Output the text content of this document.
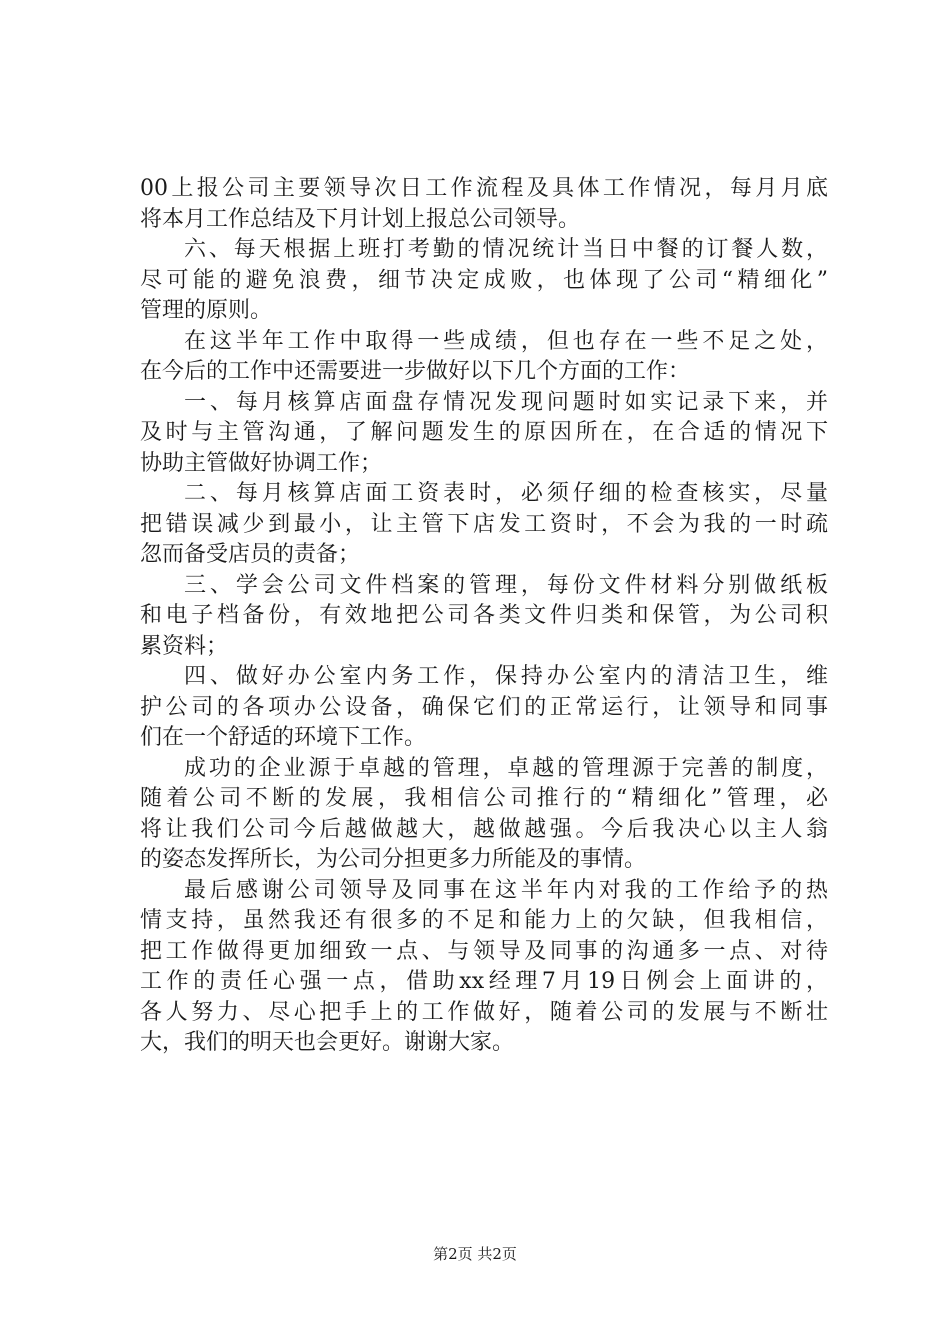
00上报公司主要领导次日工作流程及具体工作情况，每月月底
将本月工作总结及下月计划上报总公司领导。
六、每天根据上班打考勤的情况统计当日中餐的订餐人数，
尽可能的避免浪费，细节决定成败，也体现了公司“精细化”
管理的原则。
在这半年工作中取得一些成绩，但也存在一些不足之处，
在今后的工作中还需要进一步做好以下几个方面的工作：
一、每月核算店面盘存情况发现问题时如实记录下来，并
及时与主管沟通，了解问题发生的原因所在，在合适的情况下
协助主管做好协调工作；
二、每月核算店面工资表时，必须仔细的检查核实，尽量
把错误减少到最小，让主管下店发工资时，不会为我的一时疏
忽而备受店员的责备；
三、学会公司文件档案的管理，每份文件材料分别做纸板
和电子档备份，有效地把公司各类文件归类和保管，为公司积
累资料；
四、做好办公室内务工作，保持办公室内的清洁卫生，维
护公司的各项办公设备，确保它们的正常运行，让领导和同事
们在一个舒适的环境下工作。
成功的企业源于卓越的管理，卓越的管理源于完善的制度，
随着公司不断的发展，我相信公司推行的“精细化”管理，必
将让我们公司今后越做越大，越做越强。今后我决心以主人翁
的姿态发挥所长，为公司分担更多力所能及的事情。
最后感谢公司领导及同事在这半年内对我的工作给予的热
情支持，虽然我还有很多的不足和能力上的欠缺，但我相信，
把工作做得更加细致一点、与领导及同事的沟通多一点、对待
工作的责任心强一点，借助xx经理7月19日例会上面讲的，
各人努力、尽心把手上的工作做好，随着公司的发展与不断壮
大，我们的明天也会更好。谢谢大家。
第2页 共2页
